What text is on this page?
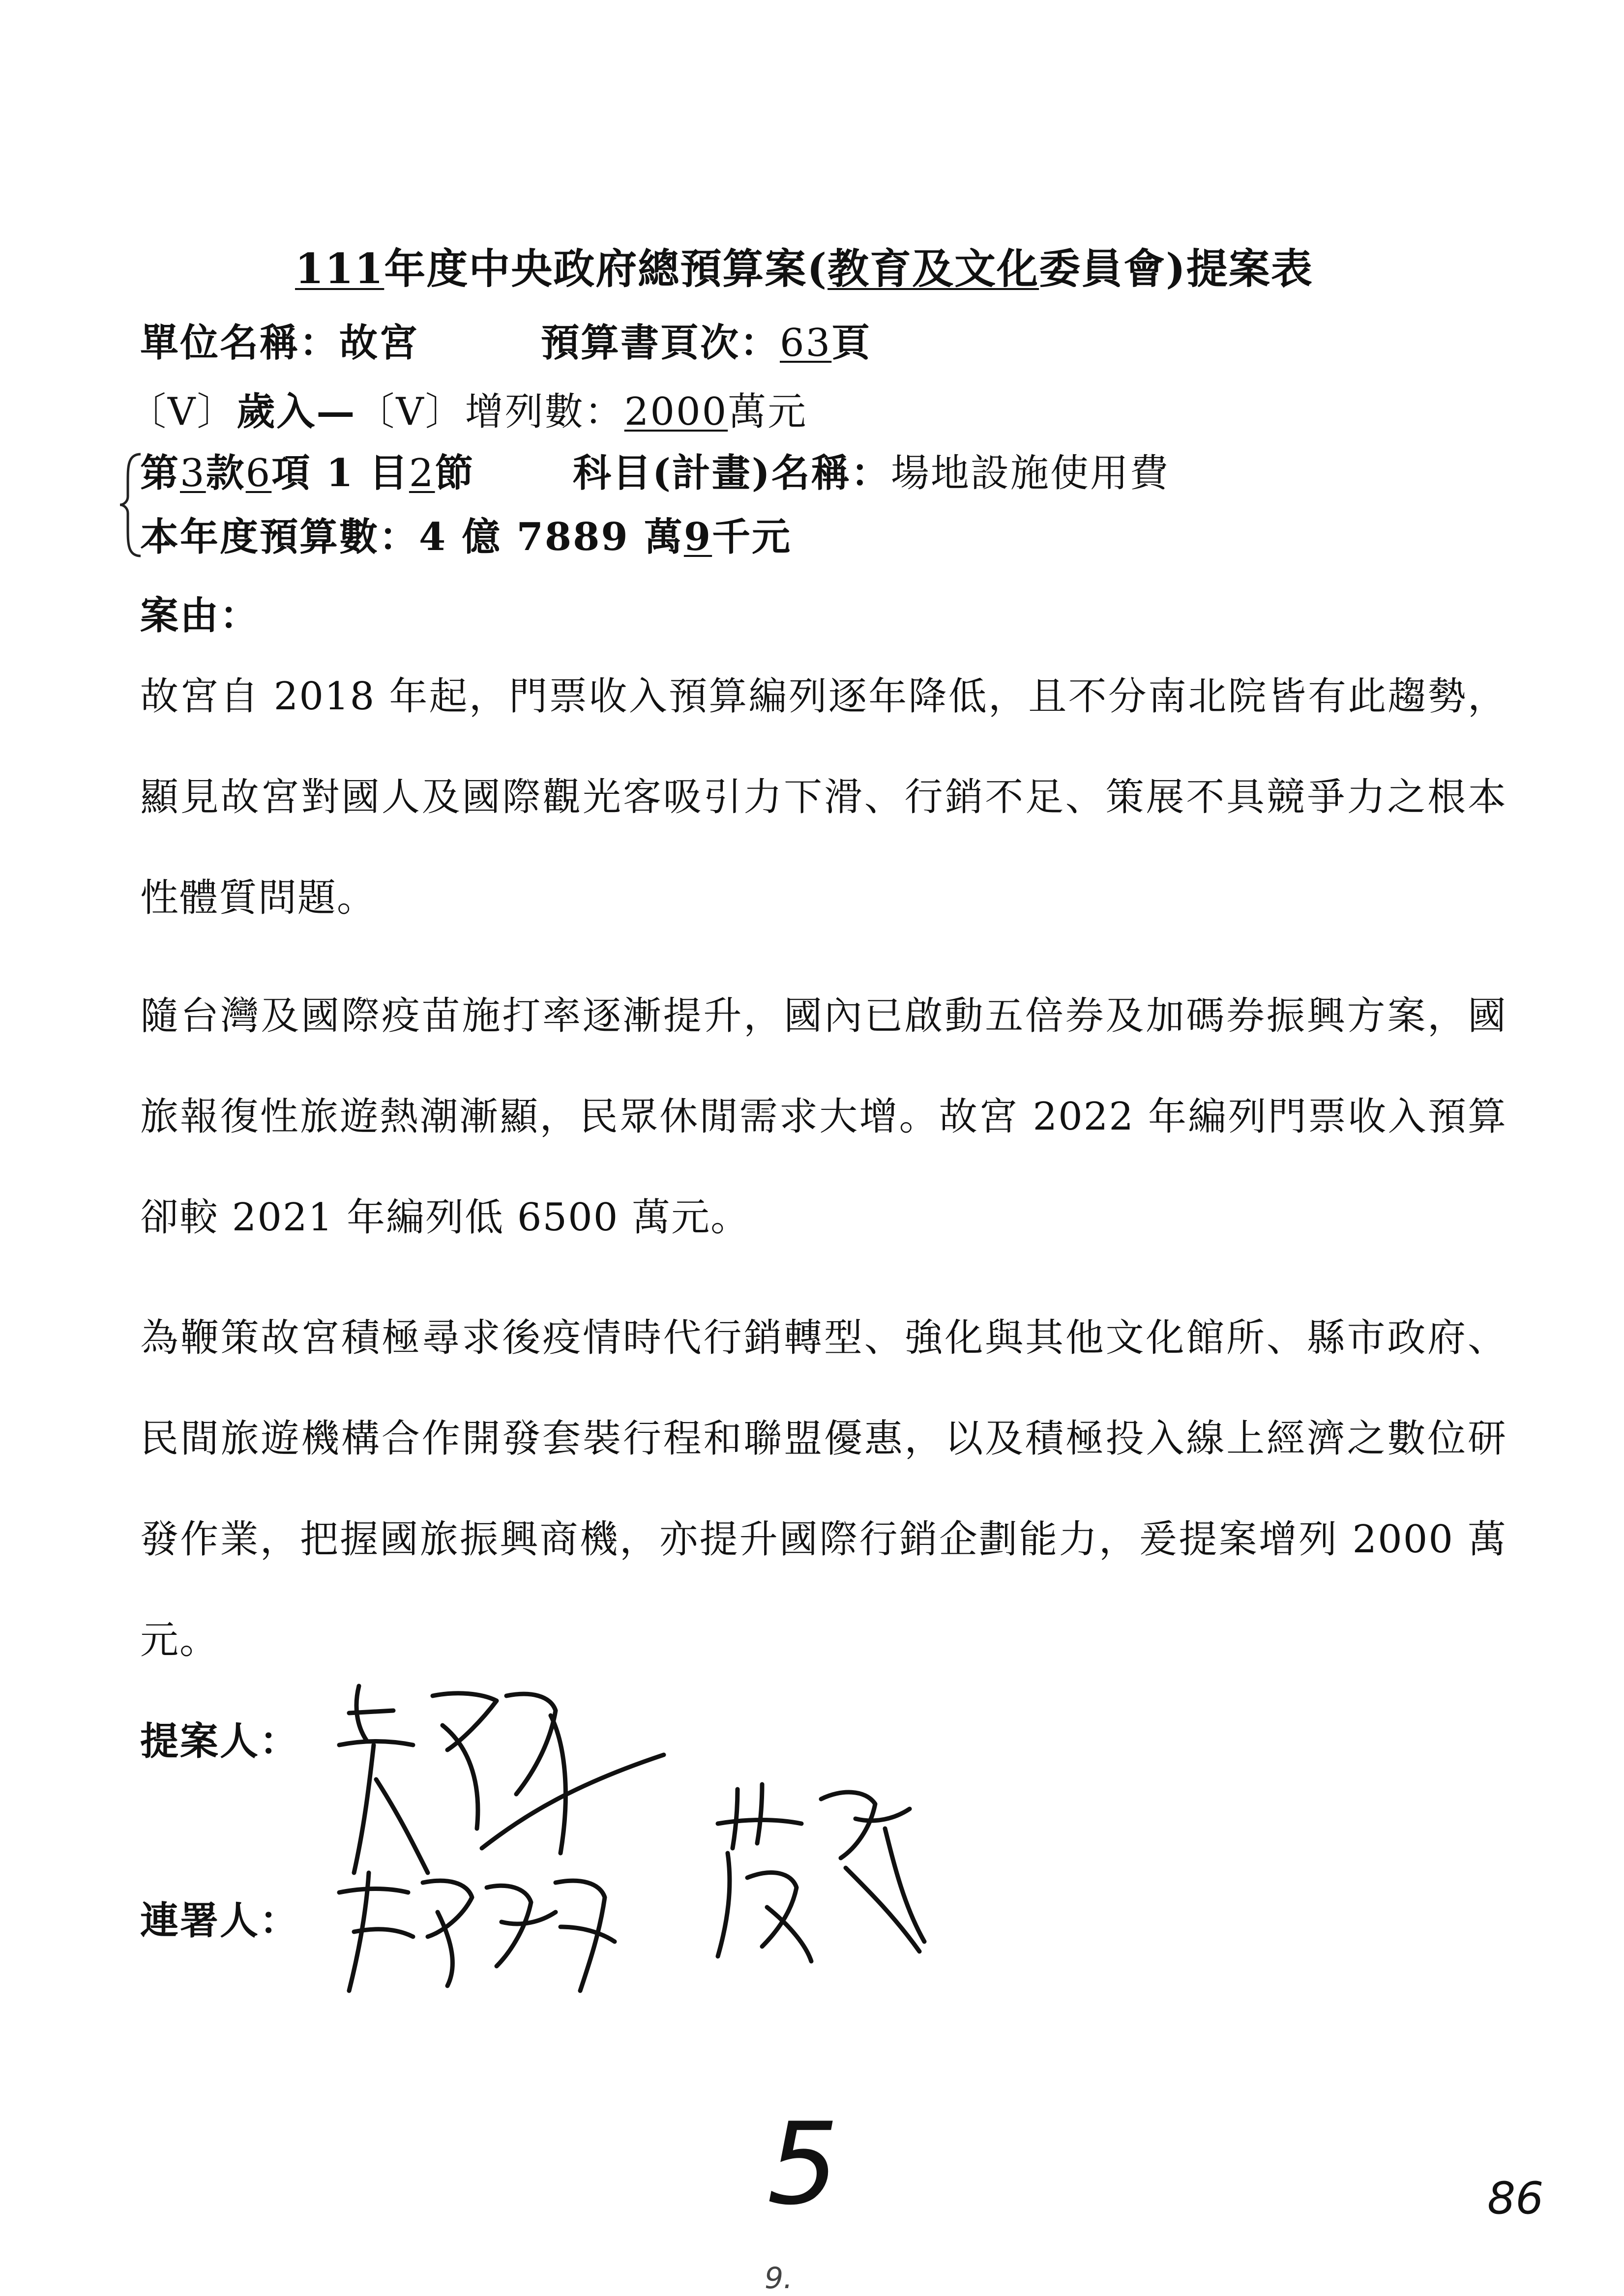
111年度中央政府總預算案(教育及文化委員會)提案表
單位名稱：故宮	預算書頁次：63頁
〔V〕歲入—〔V〕增列數：2000萬元
第3款6項 1 目2節	科目(計畫)名稱：場地設施使用費
本年度預算數：4 億 7889 萬9千元
案由：
故宮自 2018 年起，門票收入預算編列逐年降低，且不分南北院皆有此趨勢，顯見故宮對國人及國際觀光客吸引力下滑、行銷不足、策展不具競爭力之根本性體質問題。
隨台灣及國際疫苗施打率逐漸提升，國內已啟動五倍券及加碼券振興方案，國旅報復性旅遊熱潮漸顯，民眾休閒需求大增。故宮 2022 年編列門票收入預算卻較 2021 年編列低 6500 萬元。
為鞭策故宮積極尋求後疫情時代行銷轉型、強化與其他文化館所、縣市政府、民間旅遊機構合作開發套裝行程和聯盟優惠，以及積極投入線上經濟之數位研發作業，把握國旅振興商機，亦提升國際行銷企劃能力，爰提案增列 2000 萬元。
提案人：
連署人：
5	86
9.
